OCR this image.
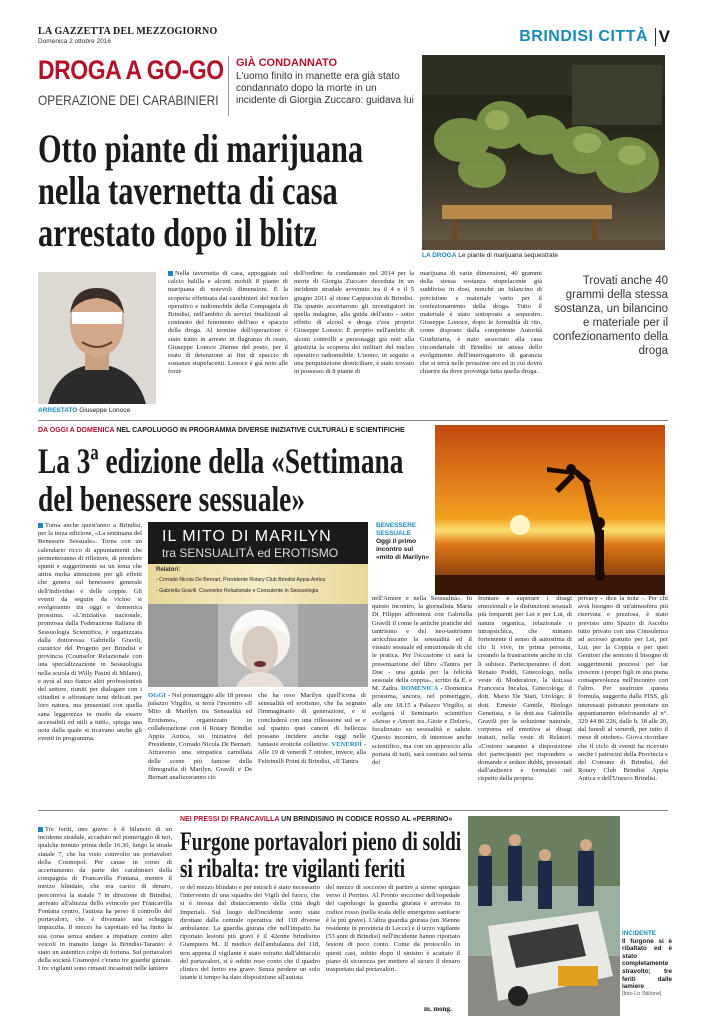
LA GAZZETTA DEL MEZZOGIORNO
Domenica 2 ottobre 2016	BRINDISI CITTÀ V
DROGA A GO-GO
OPERAZIONE DEI CARABINIERI
GIÀ CONDANNATO
L'uomo finito in manette era già stato condannato dopo la morte in un incidente di Giorgia Zuccaro: guidava lui
Otto piante di marijuana
nella tavernetta di casa
arrestato dopo il blitz
LA DROGA Le piante di marijuana sequestrate
ARRESTATO Giuseppe Lonoce
Nella tavernetta di casa, appoggiate sul calcio balilla e alcuni mobili 8 piante di marijuana di notevoli dimensioni. È la scoperta effettuata dai carabinieri del nucleo operativo e radiomobile della Compagnia di Brindisi, nell'ambito di servizi finalizzati al contrasto del fenomeno dell'uso e spaccio della droga. Al termine dell'operazione è stato tratto in arresto in flagranza di reato, Giuseppe Lonoce 26enne del posto, per il reato di detenzione ai fini di spaccio di sostanze stupefacenti. Lonoce è già noto alle forze
dell'ordine: fu condannato nel 2014 per la morte di Giorgia Zuccaro deceduta in un incidente stradale avvenuto tra il 4 e il 5 giugno 2011 al rione Cappuccini di Brindisi. Da quanto accertarono gli investigatori in quella indagine, alla guida dell'auto - sotto effetto di alcool e droga c'era proprio Giuseppe Lonoce. È proprio nell'ambito di alcuni controlli a personaggi già noti alla giustizia la scoperta dei militari del nucleo operativo radiomobile. L'uomo, in seguito a una perquisizione domiciliare, è stato trovato in possesso di 8 piante di
marijuana di varie dimensioni, 40 grammi della stessa sostanza stupefacente già suddivisa in dosi, nonché un bilancino di precisione e materiale vario per il confezionamento della droga. Tutto il materiale è stato sottoposto a sequestro. Giuseppe Lonoce, dopo le formalità di rito, come disposto dalla competente Autorità Giudiziaria, è stato associato alla casa circondariale di Brindisi in attesa dello svolgimento dell'interrogatorio di garanzia che si terrà nelle prossime ore ed in cui dovrà chiarire da dove provenga tutta quella droga.
Trovati anche 40 grammi della stessa sostanza, un bilancino e materiale per il confezionamento della droga
DA OGGI A DOMENICA NEL CAPOLUOGO IN PROGRAMMA DIVERSE INIZIATIVE CULTURALI E SCIENTIFICHE
La 3ª edizione della «Settimana
del benessere sessuale»
IL MITO DI MARILYN
tra SENSUALITÀ ed EROTISMO
Relatori:
- Corrado Nicola De Bernart, Presidente Rotary Club Brindisi Appia Antica
- Gabriella Gravili, Counselor Relazionale e Consulente in Sessuologia
BENESSERE SESSUALE
Oggi il primo incontro sul «mito di Marilyn»
Torna anche quest'anno a Brindisi, per la terza edizione, «La settimana del Benessere Sessuale». Torna con un calendario ricco di appuntamenti che permetteranno di riflettere, di prendere spunti e suggerimenti su un tema che attira molta attenzione per gli effetti che genera sul benessere generale dell'individuo e delle coppie. Gli eventi da seguire da vicino si svolgeranno tra oggi e domenica prossima. «L'iniziativa nazionale, promossa dalla Federazione Italiana di Sessuologia Scientifica, è organizzata dalla dottoressa Gabriella Gravili, curatrice del Progetto per Brindisi e provincia (Counselor Relazionale con una specializzazione in Sessuologia nella scuola di Willy Pasini di Milano), e avrà al suo fianco altri professionisti del settore, riuniti per dialogare con i cittadini e affrontare temi delicati per loro natura, ma presentati con quella sana leggerezza in modo da essere accessibili ed utili a tutti», spiega una nota dalla quale si ricavano anche gli eventi in programma.
OGGI - Nel pomeriggio alle 18 presso palazzo Virgilio, si terrà l'incontro «Il Mito di Marilyn tra Sensualità ed Erotismo», organizzato in collaborazione con il Rotary Brindisi Appia Antica, su iniziativa del Presidente, Corrado Nicola De Bernart. Attraverso una simpatica carrellata delle scene più famose della filmografia di Marilyn, Gravili e De Bernart analizzeranno ciò
che ha reso Marilyn quell'icona di sensualità ed erotismo, che ha segnato l'immaginario di generazioni, e si concluderà con una riflessione sul se e sul quanto quei canoni di bellezza possano incidere anche oggi nelle fantasie erotiche collettive. VENERDÌ - Alle 19 di venerdì 7 ottobre, invece, alla Feltrinelli Point di Brindisi, «Il Tantra
nell'Amore e nella Sessualità». In questo incontro, la giornalista Maria Di Filippo affronterà con Gabriella Gravili il come le antiche pratiche del tantrismo e del neo-tantrismo arricchiscano la sessualità ed il vissuto sessuale ed emozionale di chi le pratica. Per l'occasione ci sarà la presentazione del libro «Tantra per Due - una guida per la felicità sessuale della coppia», scritto da E. e M. Zadra. DOMENICA - Domenica prossima, ancora, nel pomeriggio, alle ore 18.15 a Palazzo Virgilio, si svolgerà il Seminario scientifico «Sesso e Amori tra..Gioie e Dolori», focalizzato su sessualità e salute. Questo incontro, di interesse anche scientifico, ma con un approccio alla portata di tutti, sarà centrato sul tema del
frontare e superare i disagi emozionali e le disfunzioni sessuali più frequenti per Lei e per Lui, di natura organica, relazionale o intrapsichica, che minano fortemente il senso di autostima di chi li vive, in prima persona, creando la frustrazione anche in chi li subisce. Parteciperanno il dott. Renato Poddi, Ginecologo, nella veste di Moderatore, la dott.ssa Francesca Incalza, Ginecologa; il dott. Mario De Siati, Urologo; il dott. Ernesto Gentile, Biologo Genetista, e la dott.ssa Gabriella Gravili per la soluzione naturale, corporea ed emotiva ai disagi trattati, nella veste di Relatori. «Costoro saranno a disposizione dei partecipanti per rispondere a domande e sedare dubbi, presentati dall'audience e formulati nel rispetto della propria
privacy - dice la nota -. Per chi avrà bisogno di un'atmosfera più riservata e preziosa, è stato previsto uno Spazio di Ascolto tutto privato con una Consulenza ad accesso gratuito per Lei, per Lui, per la Coppia e per quei Genitori che sentono il bisogno di suggerimenti preziosi per far crescere i propri figli in una piena consapevolezza nell'incontro con l'altro. Per usufruire questa formula, suggerita dalla FISS, gli interessati potranno prenotare un appuntamento telefonando al n°. 329 44 86 226, dalle h. 18 alle 20, dal lunedì al venerdì, per tutto il mese di ottobre». Giova ricordare che il ciclo di eventi ha ricevuto anche i patrocini della Provincia e del Comune di Brindisi, del Rotary Club Brindisi Appia Antica e dell'Unesco Brindisi.
NEI PRESSI DI FRANCAVILLA UN BRINDISINO IN CODICE ROSSO AL «PERRINO»
Furgone portavalori pieno di soldi
si ribalta: tre vigilanti feriti
Tre feriti, uno grave: è il bilancio di un incidente stradale, accaduto nel pomeriggio di ieri, qualche minuto prima delle 16.30, lungo la strada statale 7, che ha visto coinvolto un portavalori della Cosmopol. Per cause in corso di accertamento da parte dei carabinieri della compagnia di Francavilla Fontana, mentre il mezzo blindato, che era carico di denaro, percorreva la statale 7 in direzione di Brindisi, arrivato all'altezza dello svincolo per Francavilla Fontana centro, l'autista ha perso il controllo del portavalori, che è diventato una scheggia impazzita. Il mezzo ha capottato ed ha finito la sua corsa senza andare a impattare contro altri veicoli in transito lungo la Brindisi-Taranto: è stato un autentico colpo di fortuna. Sul portavalori della società Cosmopol c'erano tre guardie giurate. I tre vigilanti sono rimasti incastrati nelle lamiere
re del mezzo blindato e per estrarli è stato necessario l'intervento di una squadra dei Vigili del fuoco, che si è mossa dal distaccamento della città degli Imperiali. Sul luogo dell'incidente sono state dirottate dalla centrale operativa del 118 diverse ambulanze. La guardia giurata che nell'impatto ha riportato lesioni più gravi è il 42enne brindisino Giampiero M.. Il medico dell'ambulanza del 118, non appena il vigilante è stato estratto dall'abitacolo del portavalori, si è subito reso conto che il quadro clinico del ferito era grave. Senza perdere un solo istante ti tempo ha dato disposizione all'autista
del mezzo di soccorso di partire a sirene spiegate verso il Perrino. Al Pronto soccorso dell'ospedale del capoluogo la guardia giurata è arrivata in codice rosso (nella scala delle emergenze sanitarie è la più grave). L'altra guardia giurata (un 36enne residente in provincia di Lecce) e il terzo vigilante (53 anni di Brindisi) nell'incidente hanno riportato lesioni di poco conto. Come da protocollo in questi casi, subito dopo il sinistro è scattato il piano di sicurezza per mettere al sicuro il denaro trasportato dal portavalori.
m. mong.
INCIDENTE
Il furgone si è ribaltato ed è stato completamente stravolto; tre feriti dalle lamiere
[foto Lo Stiilone]
